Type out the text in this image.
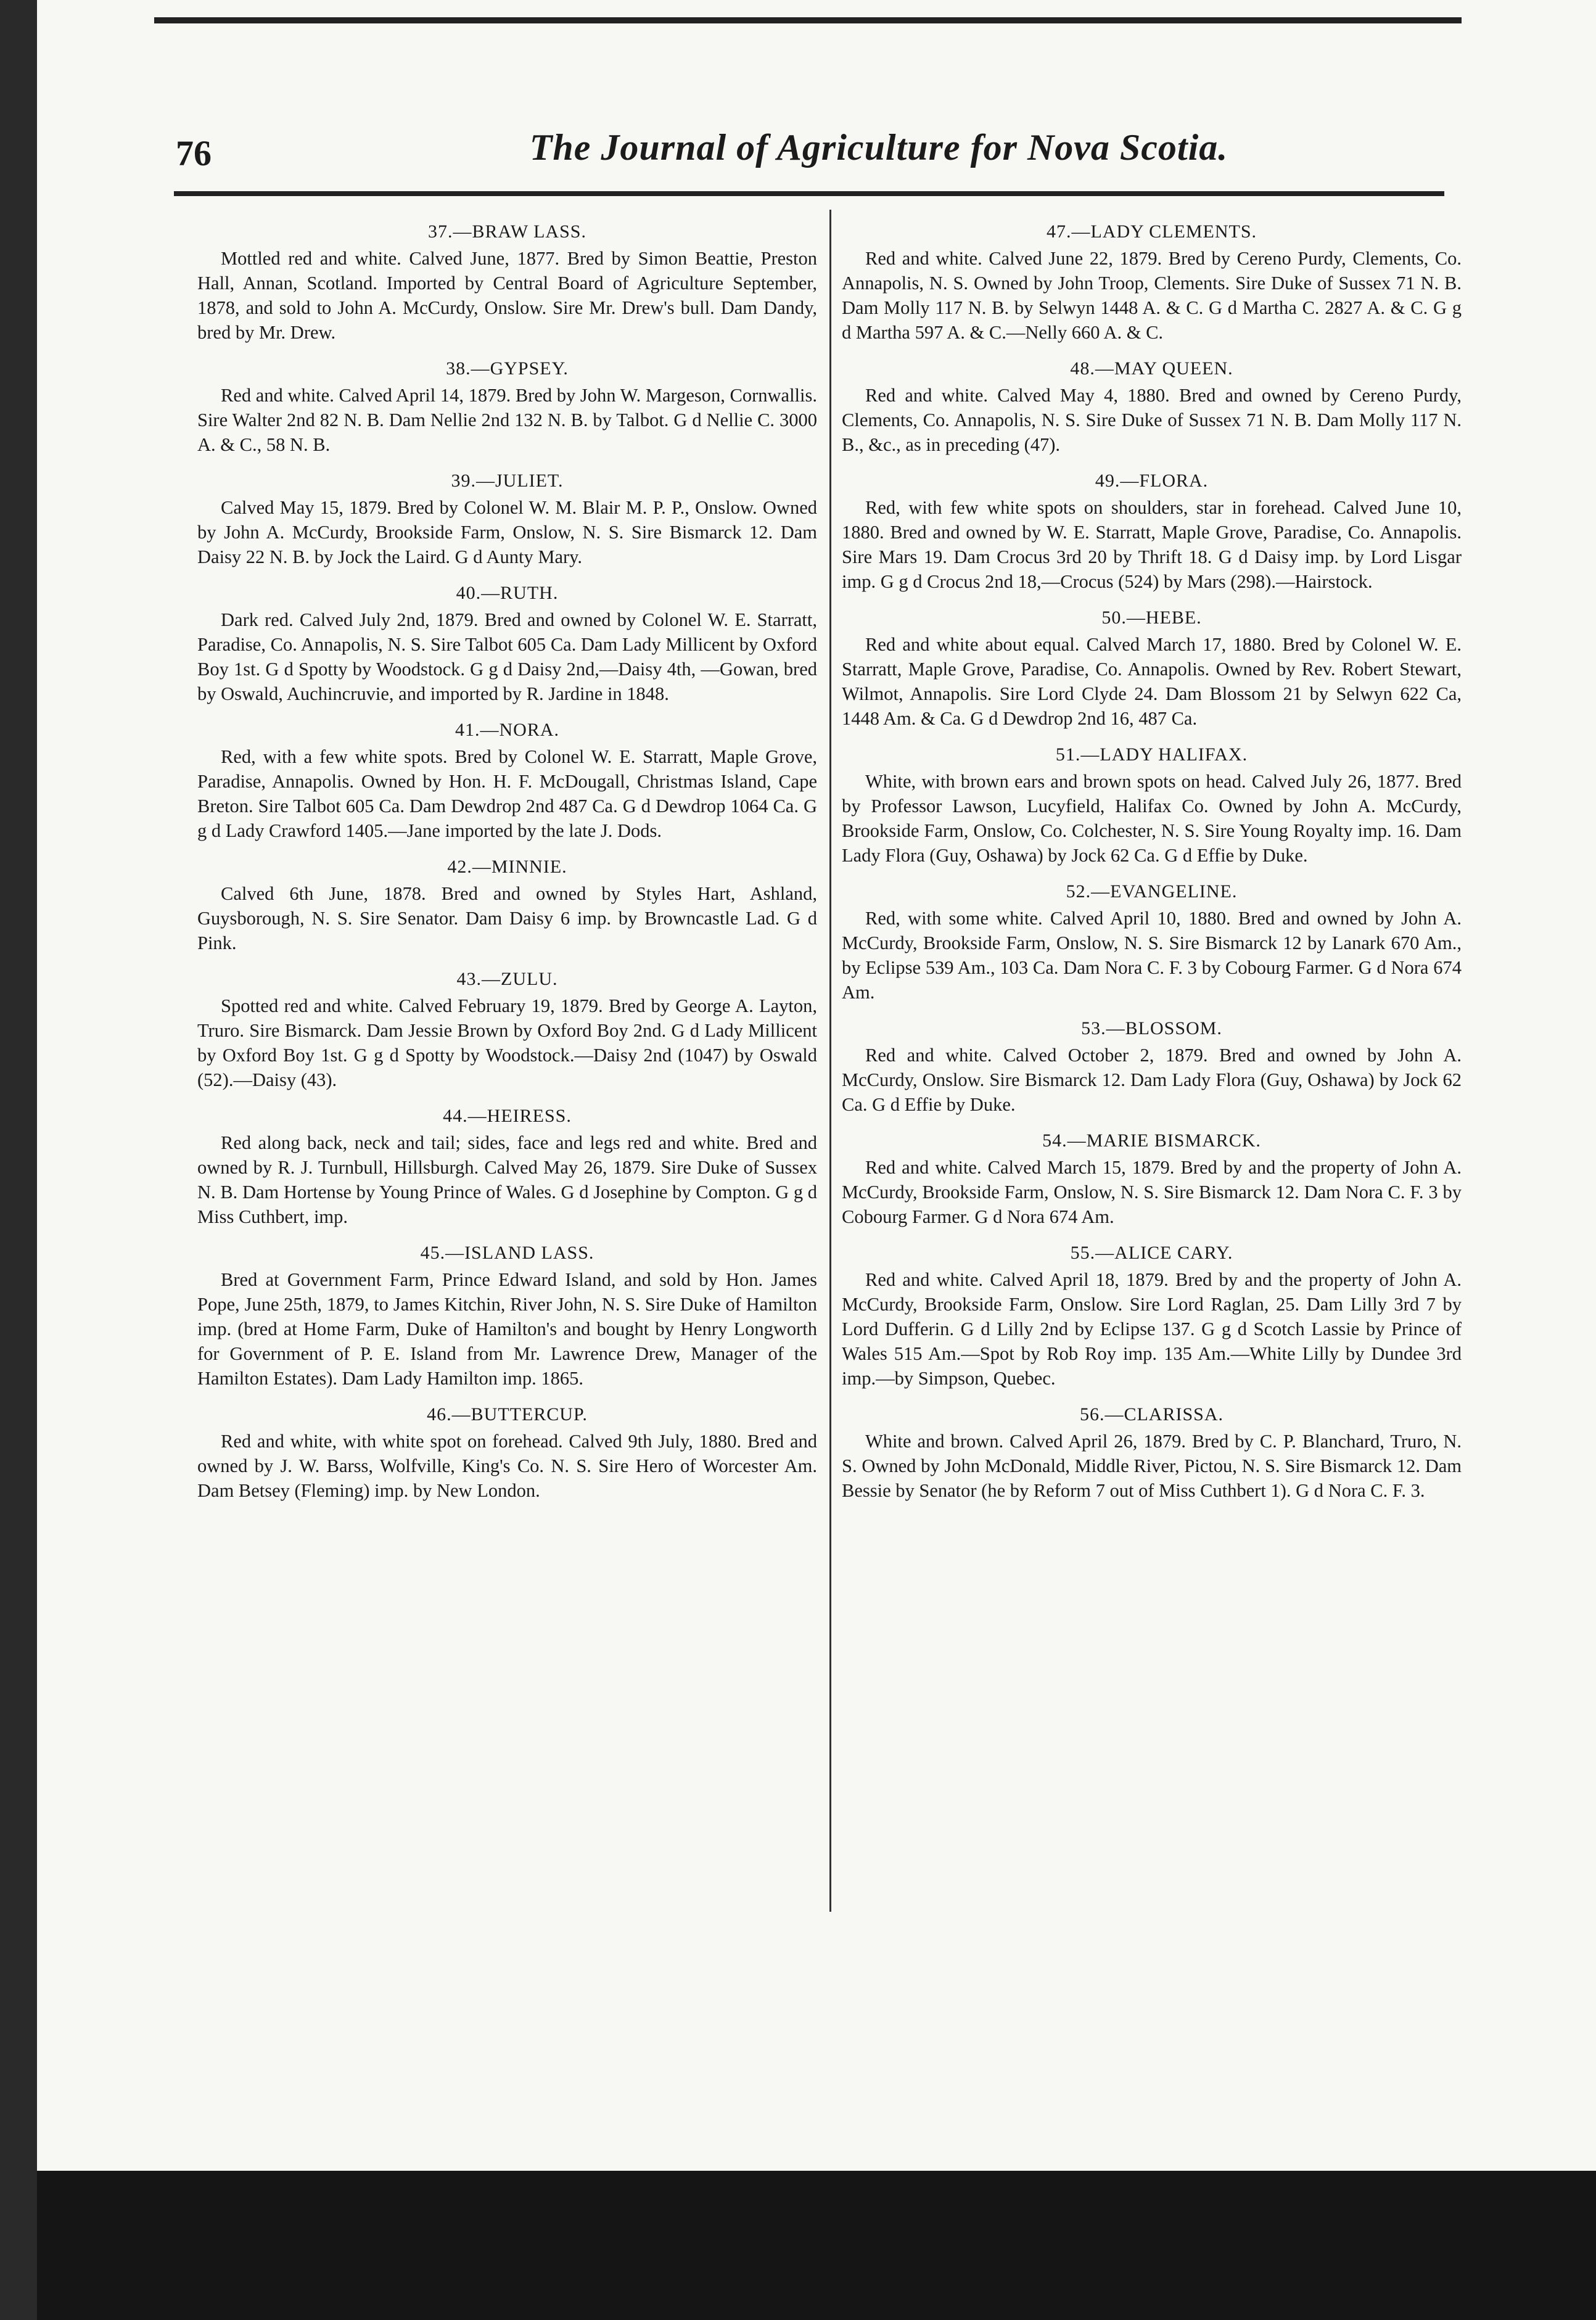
76	The Journal of Agriculture for Nova Scotia.
37.—BRAW LASS.

Mottled red and white. Calved June, 1877. Bred by Simon Beattie, Preston Hall, Annan, Scotland. Imported by Central Board of Agriculture September, 1878, and sold to John A. McCurdy, Onslow. Sire Mr. Drew's bull. Dam Dandy, bred by Mr. Drew.

38.—GYPSEY.

Red and white. Calved April 14, 1879. Bred by John W. Margeson, Cornwallis. Sire Walter 2nd 82 N. B. Dam Nellie 2nd 132 N. B. by Talbot. G d Nellie C. 3000 A. & C., 58 N. B.

39.—JULIET.

Calved May 15, 1879. Bred by Colonel W. M. Blair M. P. P., Onslow. Owned by John A. McCurdy, Brookside Farm, Onslow, N. S. Sire Bismarck 12. Dam Daisy 22 N. B. by Jock the Laird. G d Aunty Mary.

40.—RUTH.

Dark red. Calved July 2nd, 1879. Bred and owned by Colonel W. E. Starratt, Paradise, Co. Annapolis, N. S. Sire Talbot 605 Ca. Dam Lady Millicent by Oxford Boy 1st. G d Spotty by Woodstock. G g d Daisy 2nd,—Daisy 4th, —Gowan, bred by Oswald, Auchincruvie, and imported by R. Jardine in 1848.

41.—NORA.

Red, with a few white spots. Bred by Colonel W. E. Starratt, Maple Grove, Paradise, Annapolis. Owned by Hon. H. F. McDougall, Christmas Island, Cape Breton. Sire Talbot 605 Ca. Dam Dewdrop 2nd 487 Ca. G d Dewdrop 1064 Ca. G g d Lady Crawford 1405.—Jane imported by the late J. Dods.

42.—MINNIE.

Calved 6th June, 1878. Bred and owned by Styles Hart, Ashland, Guysborough, N. S. Sire Senator. Dam Daisy 6 imp. by Browncastle Lad. G d Pink.

43.—ZULU.

Spotted red and white. Calved February 19, 1879. Bred by George A. Layton, Truro. Sire Bismarck. Dam Jessie Brown by Oxford Boy 2nd. G d Lady Millicent by Oxford Boy 1st. G g d Spotty by Woodstock.—Daisy 2nd (1047) by Oswald (52).—Daisy (43).

44.—HEIRESS.

Red along back, neck and tail; sides, face and legs red and white. Bred and owned by R. J. Turnbull, Hillsburgh. Calved May 26, 1879. Sire Duke of Sussex N. B. Dam Hortense by Young Prince of Wales. G d Josephine by Compton. G g d Miss Cuthbert, imp.

45.—ISLAND LASS.

Bred at Government Farm, Prince Edward Island, and sold by Hon. James Pope, June 25th, 1879, to James Kitchin, River John, N. S. Sire Duke of Hamilton imp. (bred at Home Farm, Duke of Hamilton's and bought by Henry Longworth for Government of P. E. Island from Mr. Lawrence Drew, Manager of the Hamilton Estates). Dam Lady Hamilton imp. 1865.

46.—BUTTERCUP.

Red and white, with white spot on forehead. Calved 9th July, 1880. Bred and owned by J. W. Barss, Wolfville, King's Co. N. S. Sire Hero of Worcester Am. Dam Betsey (Fleming) imp. by New London.

47.—LADY CLEMENTS.

Red and white. Calved June 22, 1879. Bred by Cereno Purdy, Clements, Co. Annapolis, N. S. Owned by John Troop, Clements. Sire Duke of Sussex 71 N. B. Dam Molly 117 N. B. by Selwyn 1448 A. & C. G d Martha C. 2827 A. & C. G g d Martha 597 A. & C.—Nelly 660 A. & C.

48.—MAY QUEEN.

Red and white. Calved May 4, 1880. Bred and owned by Cereno Purdy, Clements, Co. Annapolis, N. S. Sire Duke of Sussex 71 N. B. Dam Molly 117 N. B., &c., as in preceding (47).

49.—FLORA.

Red, with few white spots on shoulders, star in forehead. Calved June 10, 1880. Bred and owned by W. E. Starratt, Maple Grove, Paradise, Co. Annapolis. Sire Mars 19. Dam Crocus 3rd 20 by Thrift 18. G d Daisy imp. by Lord Lisgar imp. G g d Crocus 2nd 18,—Crocus (524) by Mars (298).—Hairstock.

50.—HEBE.

Red and white about equal. Calved March 17, 1880. Bred by Colonel W. E. Starratt, Maple Grove, Paradise, Co. Annapolis. Owned by Rev. Robert Stewart, Wilmot, Annapolis. Sire Lord Clyde 24. Dam Blossom 21 by Selwyn 622 Ca, 1448 Am. & Ca. G d Dewdrop 2nd 16, 487 Ca.

51.—LADY HALIFAX.

White, with brown ears and brown spots on head. Calved July 26, 1877. Bred by Professor Lawson, Lucyfield, Halifax Co. Owned by John A. McCurdy, Brookside Farm, Onslow, Co. Colchester, N. S. Sire Young Royalty imp. 16. Dam Lady Flora (Guy, Oshawa) by Jock 62 Ca. G d Effie by Duke.

52.—EVANGELINE.

Red, with some white. Calved April 10, 1880. Bred and owned by John A. McCurdy, Brookside Farm, Onslow, N. S. Sire Bismarck 12 by Lanark 670 Am., by Eclipse 539 Am., 103 Ca. Dam Nora C. F. 3 by Cobourg Farmer. G d Nora 674 Am.

53.—BLOSSOM.

Red and white. Calved October 2, 1879. Bred and owned by John A. McCurdy, Onslow. Sire Bismarck 12. Dam Lady Flora (Guy, Oshawa) by Jock 62 Ca. G d Effie by Duke.

54.—MARIE BISMARCK.

Red and white. Calved March 15, 1879. Bred by and the property of John A. McCurdy, Brookside Farm, Onslow, N. S. Sire Bismarck 12. Dam Nora C. F. 3 by Cobourg Farmer. G d Nora 674 Am.

55.—ALICE CARY.

Red and white. Calved April 18, 1879. Bred by and the property of John A. McCurdy, Brookside Farm, Onslow. Sire Lord Raglan, 25. Dam Lilly 3rd 7 by Lord Dufferin. G d Lilly 2nd by Eclipse 137. G g d Scotch Lassie by Prince of Wales 515 Am.—Spot by Rob Roy imp. 135 Am.—White Lilly by Dundee 3rd imp.—by Simpson, Quebec.

56.—CLARISSA.

White and brown. Calved April 26, 1879. Bred by C. P. Blanchard, Truro, N. S. Owned by John McDonald, Middle River, Pictou, N. S. Sire Bismarck 12. Dam Bessie by Senator (he by Reform 7 out of Miss Cuthbert 1). G d Nora C. F. 3.
